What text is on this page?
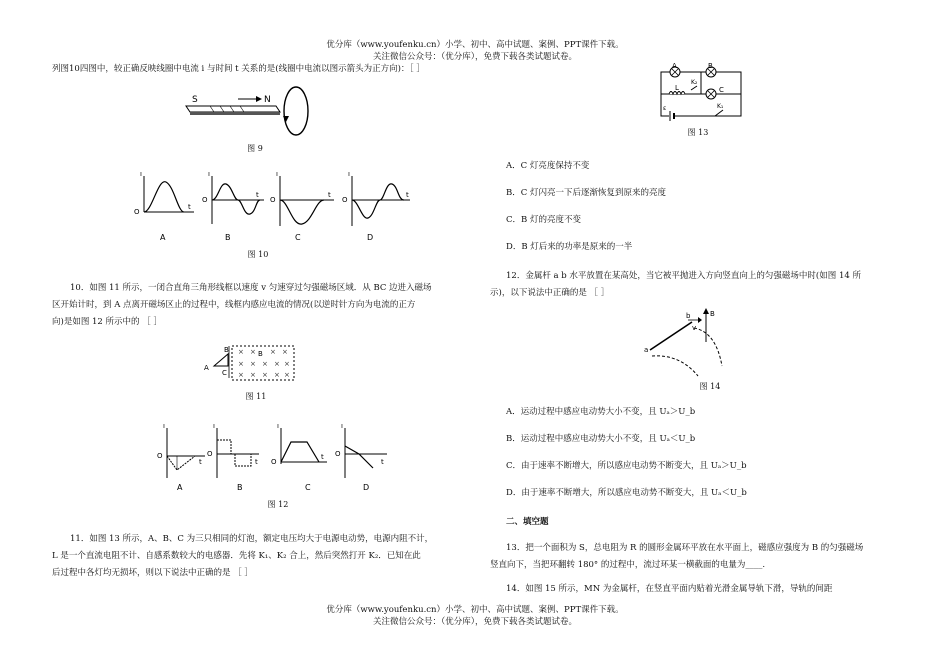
优分库（www.youfenku.cn）小学、初中、高中试题、案例、PPT课件下载。
关注微信公众号：（优分库），免费下载各类试题试卷。
列图10四图中，较正确反映线圈中电流 i 与时间 t 关系的是(线圈中电流以图示箭头为正方向)：［ ］
S	N
图 9
i
O
t
A
i
O
t
B
i
O
t
C
i
O
t
D
图 10
10．如图 11 所示，一闭合直角三角形线框以速度 v 匀速穿过匀强磁场区域．从 BC 边进入磁场
区开始计时，到 A 点离开磁场区止的过程中，线框内感应电流的情况(以逆时针方向为电流的正方
向)是如图 12 所示中的 ［ ］
A
B
C
B
× × × ×
× × × × ×
× × × × ×
图 11
i
O
t
A
i
O
t
B
i
O
t
C
i
O
t
D
图 12
11．如图 13 所示，A、B、C 为三只相同的灯泡，额定电压均大于电源电动势，电源内阻不计，
L 是一个直流电阻不计、自感系数较大的电感器．先将 K₁、K₂ 合上，然后突然打开 K₂．已知在此
后过程中各灯均无损坏，则以下说法中正确的是 ［ ］
A	B
C
L
K₂
K₁
ε
图 13
A．C 灯亮度保持不变
B．C 灯闪亮一下后逐渐恢复到原来的亮度
C．B 灯的亮度不变
D．B 灯后来的功率是原来的一半
12．金属杆 a b 水平放置在某高处，当它被平抛进入方向竖直向上的匀强磁场中时(如图 14 所
示)，以下说法中正确的是 ［ ］
a
b	B
v
图 14
A．运动过程中感应电动势大小不变，且 Uₐ＞U_b
B．运动过程中感应电动势大小不变，且 Uₐ＜U_b
C．由于速率不断增大，所以感应电动势不断变大，且 Uₐ＞U_b
D．由于速率不断增大，所以感应电动势不断变大，且 Uₐ＜U_b
二、填空题
13．把一个面积为 S，总电阻为 R 的圆形金属环平放在水平面上，磁感应强度为 B 的匀强磁场
竖直向下，当把环翻转 180° 的过程中，流过环某一横截面的电量为____.
14．如图 15 所示，MN 为金属杆，在竖直平面内贴着光滑金属导轨下滑，导轨的间距
优分库（www.youfenku.cn）小学、初中、高中试题、案例、PPT课件下载。
关注微信公众号：（优分库），免费下载各类试题试卷。
